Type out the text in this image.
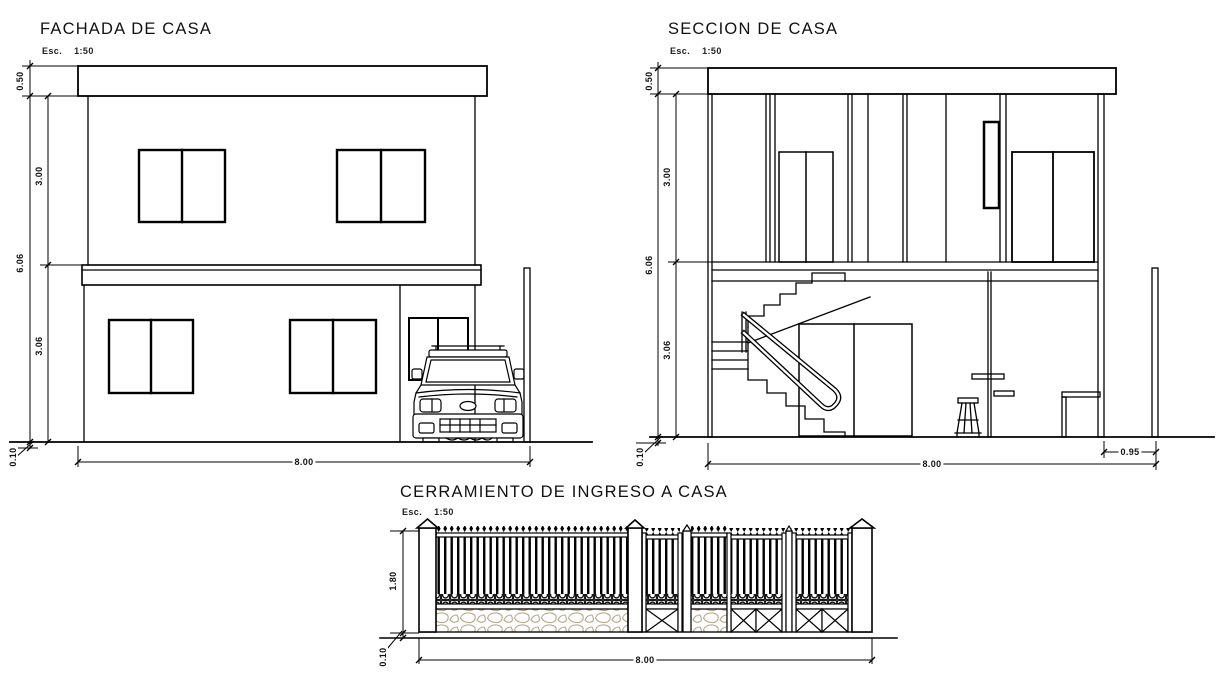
FACHADA DE CASA
Esc. 1:50
SECCION DE CASA
Esc. 1:50
CERRAMIENTO DE INGRESO A CASA
Esc. 1:50
0.50
3.00
6.06
3.06
0.10	8.00
0.50
3.00
6.06
3.06
0.10	8.00
0.95
1.80
0.10	8.00
